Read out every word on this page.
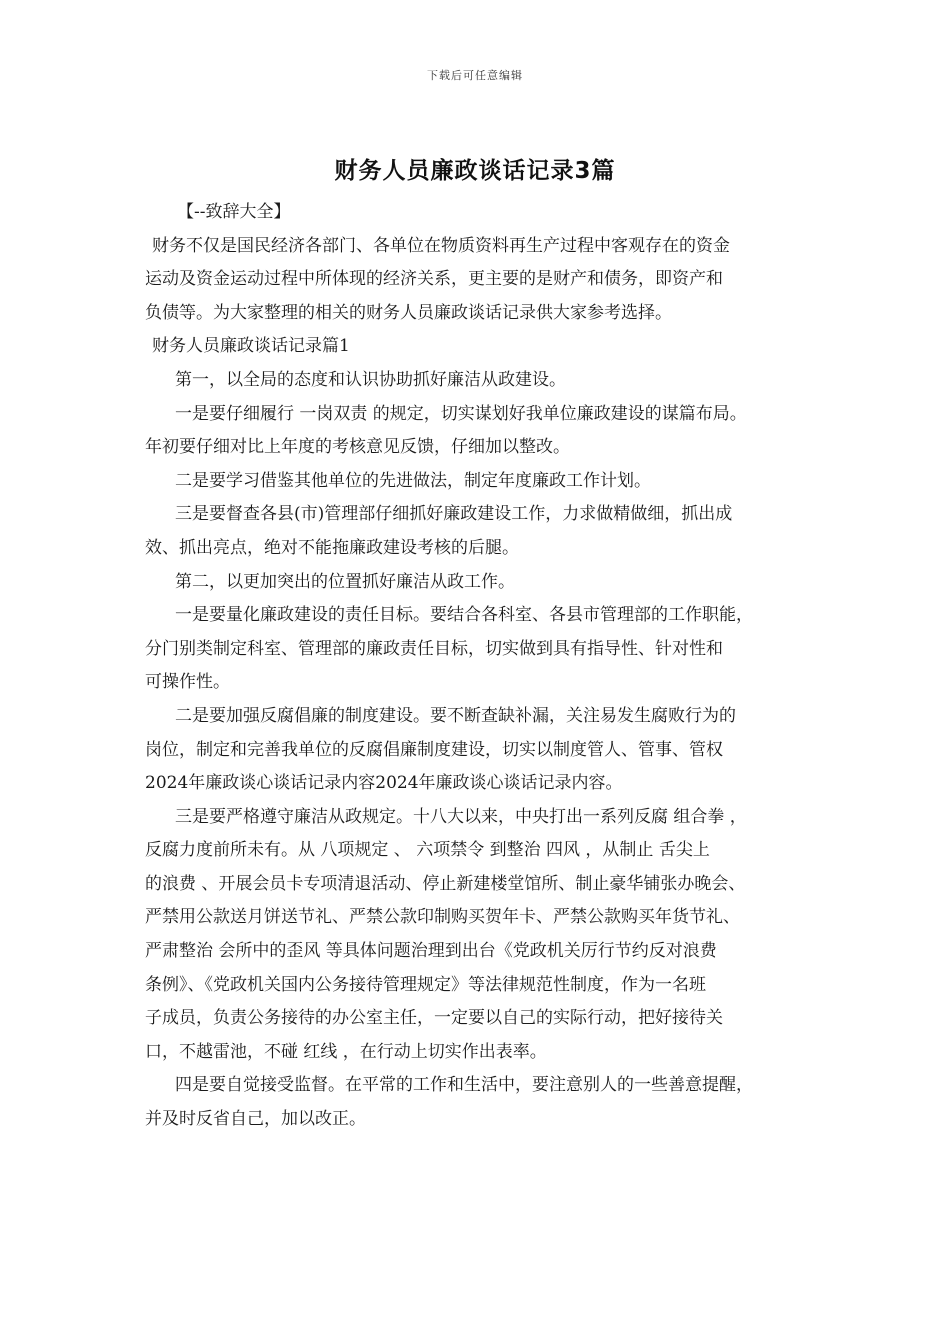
下载后可任意编辑
财务人员廉政谈话记录3篇

【--致辞大全】

财务不仅是国民经济各部门、各单位在物质资料再生产过程中客观存在的资金

运动及资金运动过程中所体现的经济关系，更主要的是财产和债务，即资产和

负债等。为大家整理的相关的财务人员廉政谈话记录供大家参考选择。

财务人员廉政谈话记录篇1

第一，以全局的态度和认识协助抓好廉洁从政建设。

一是要仔细履行 一岗双责 的规定，切实谋划好我单位廉政建设的谋篇布局。

年初要仔细对比上年度的考核意见反馈，仔细加以整改。

二是要学习借鉴其他单位的先进做法，制定年度廉政工作计划。

三是要督查各县(市)管理部仔细抓好廉政建设工作，力求做精做细，抓出成

效、抓出亮点，绝对不能拖廉政建设考核的后腿。

第二，以更加突出的位置抓好廉洁从政工作。

一是要量化廉政建设的责任目标。要结合各科室、各县市管理部的工作职能，

分门别类制定科室、管理部的廉政责任目标，切实做到具有指导性、针对性和

可操作性。

二是要加强反腐倡廉的制度建设。要不断查缺补漏，关注易发生腐败行为的

岗位，制定和完善我单位的反腐倡廉制度建设，切实以制度管人、管事、管权

2024年廉政谈心谈话记录内容2024年廉政谈心谈话记录内容。

三是要严格遵守廉洁从政规定。十八大以来，中央打出一系列反腐 组合拳 ，

反腐力度前所未有。从 八项规定 、 六项禁令 到整治 四风 ，从制止 舌尖上

的浪费 、开展会员卡专项清退活动、停止新建楼堂馆所、制止豪华铺张办晚会、

严禁用公款送月饼送节礼、严禁公款印制购买贺年卡、严禁公款购买年货节礼、

严肃整治 会所中的歪风 等具体问题治理到出台《党政机关厉行节约反对浪费

条例》、《党政机关国内公务接待管理规定》等法律规范性制度，作为一名班

子成员，负责公务接待的办公室主任，一定要以自己的实际行动，把好接待关

口，不越雷池，不碰 红线 ，在行动上切实作出表率。

四是要自觉接受监督。在平常的工作和生活中，要注意别人的一些善意提醒，

并及时反省自己，加以改正。
